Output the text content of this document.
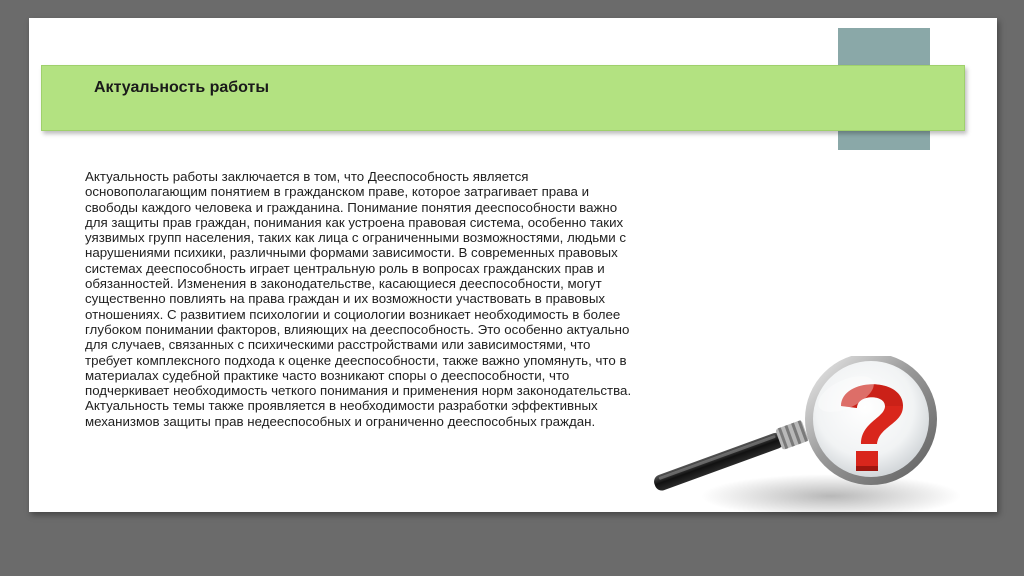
Актуальность работы

Актуальность работы заключается в том, что Дееспособность является основополагающим понятием в гражданском праве, которое затрагивает права и свободы каждого человека и гражданина. Понимание понятия дееспособности важно для защиты прав граждан, понимания как устроена правовая система, особенно таких уязвимых групп населения, таких как лица с ограниченными возможностями, людьми с нарушениями психики, различными формами зависимости. В современных правовых системах дееспособность играет центральную роль в вопросах гражданских прав и обязанностей. Изменения в законодательстве, касающиеся дееспособности, могут существенно повлиять на права граждан и их возможности участвовать в правовых отношениях. С развитием психологии и социологии возникает необходимость в более глубоком понимании факторов, влияющих на дееспособность. Это особенно актуально для случаев, связанных с психическими расстройствами или зависимостями, что требует комплексного подхода к оценке дееспособности, также важно упомянуть, что в материалах судебной практике часто возникают споры о дееспособности, что подчеркивает необходимость четкого понимания и применения норм законодательства. Актуальность темы также проявляется в необходимости разработки эффективных механизмов защиты прав недееспособных и ограниченно дееспособных граждан.
